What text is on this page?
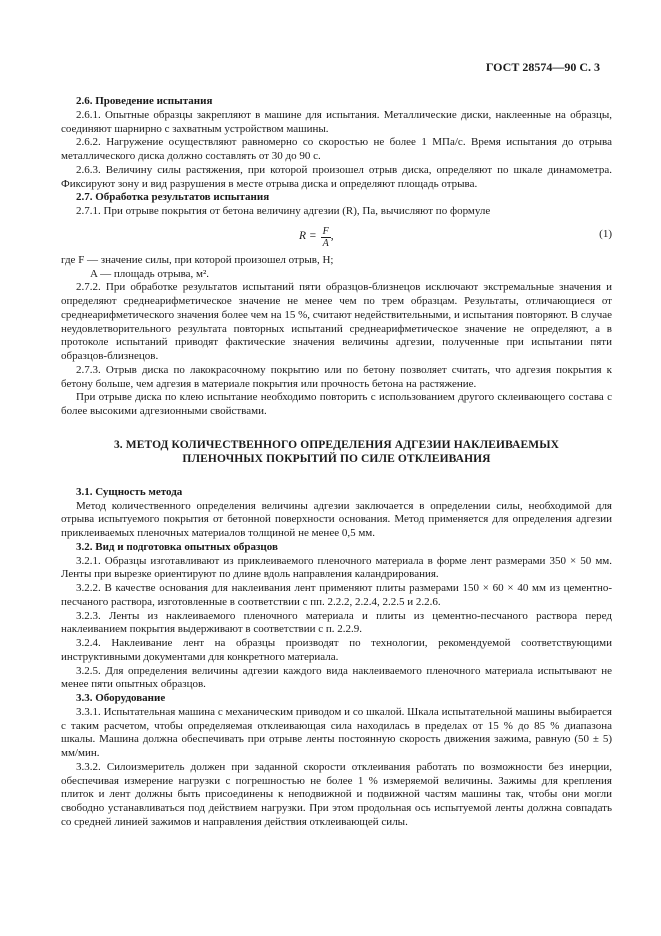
ГОСТ 28574—90 С. 3

2.6. Проведение испытания

2.6.1. Опытные образцы закрепляют в машине для испытания. Металлические диски, наклеенные на образцы, соединяют шарнирно с захватным устройством машины.

2.6.2. Нагружение осуществляют равномерно со скоростью не более 1 МПа/с. Время испытания до отрыва металлического диска должно составлять от 30 до 90 с.

2.6.3. Величину силы растяжения, при которой произошел отрыв диска, определяют по шкале динамометра. Фиксируют зону и вид разрушения в месте отрыва диска и определяют площадь отрыва.

2.7. Обработка результатов испытания

2.7.1. При отрыве покрытия от бетона величину адгезии (R), Па, вычисляют по формуле

$R = \frac{F}{A}$ ,	(1)

где F — значение силы, при которой произошел отрыв, Н;

A — площадь отрыва, м².

2.7.2. При обработке результатов испытаний пяти образцов-близнецов исключают экстремальные значения и определяют среднеарифметическое значение не менее чем по трем образцам. Результаты, отличающиеся от среднеарифметического значения более чем на 15 %, считают недействительными, и испытания повторяют. В случае неудовлетворительного результата повторных испытаний среднеарифметическое значение не определяют, а в протоколе испытаний приводят фактические значения величины адгезии, полученные при испытании пяти образцов-близнецов.

2.7.3. Отрыв диска по лакокрасочному покрытию или по бетону позволяет считать, что адгезия покрытия к бетону больше, чем адгезия в материале покрытия или прочность бетона на растяжение.

При отрыве диска по клею испытание необходимо повторить с использованием другого склеивающего состава с более высокими адгезионными свойствами.

3. МЕТОД КОЛИЧЕСТВЕННОГО ОПРЕДЕЛЕНИЯ АДГЕЗИИ НАКЛЕИВАЕМЫХ
ПЛЕНОЧНЫХ ПОКРЫТИЙ ПО СИЛЕ ОТКЛЕИВАНИЯ

3.1. Сущность метода

Метод количественного определения величины адгезии заключается в определении силы, необходимой для отрыва испытуемого покрытия от бетонной поверхности основания. Метод применяется для определения адгезии приклеиваемых пленочных материалов толщиной не менее 0,5 мм.

3.2. Вид и подготовка опытных образцов

3.2.1. Образцы изготавливают из приклеиваемого пленочного материала в форме лент размерами 350 × 50 мм. Ленты при вырезке ориентируют по длине вдоль направления каландрирования.

3.2.2. В качестве основания для наклеивания лент применяют плиты размерами 150 × 60 × 40 мм из цементно-песчаного раствора, изготовленные в соответствии с пп. 2.2.2, 2.2.4, 2.2.5 и 2.2.6.

3.2.3. Ленты из наклеиваемого пленочного материала и плиты из цементно-песчаного раствора перед наклеиванием покрытия выдерживают в соответствии с п. 2.2.9.

3.2.4. Наклеивание лент на образцы производят по технологии, рекомендуемой соответствующими инструктивными документами для конкретного материала.

3.2.5. Для определения величины адгезии каждого вида наклеиваемого пленочного материала испытывают не менее пяти опытных образцов.

3.3. Оборудование

3.3.1. Испытательная машина с механическим приводом и со шкалой. Шкала испытательной машины выбирается с таким расчетом, чтобы определяемая отклеивающая сила находилась в пределах от 15 % до 85 % диапазона шкалы. Машина должна обеспечивать при отрыве ленты постоянную скорость движения зажима, равную (50 ± 5) мм/мин.

3.3.2. Силоизмеритель должен при заданной скорости отклеивания работать по возможности без инерции, обеспечивая измерение нагрузки с погрешностью не более 1 % измеряемой величины. Зажимы для крепления плиток и лент должны быть присоединены к неподвижной и подвижной частям машины так, чтобы они могли свободно устанавливаться под действием нагрузки. При этом продольная ось испытуемой ленты должна совпадать со средней линией зажимов и направления действия отклеивающей силы.
